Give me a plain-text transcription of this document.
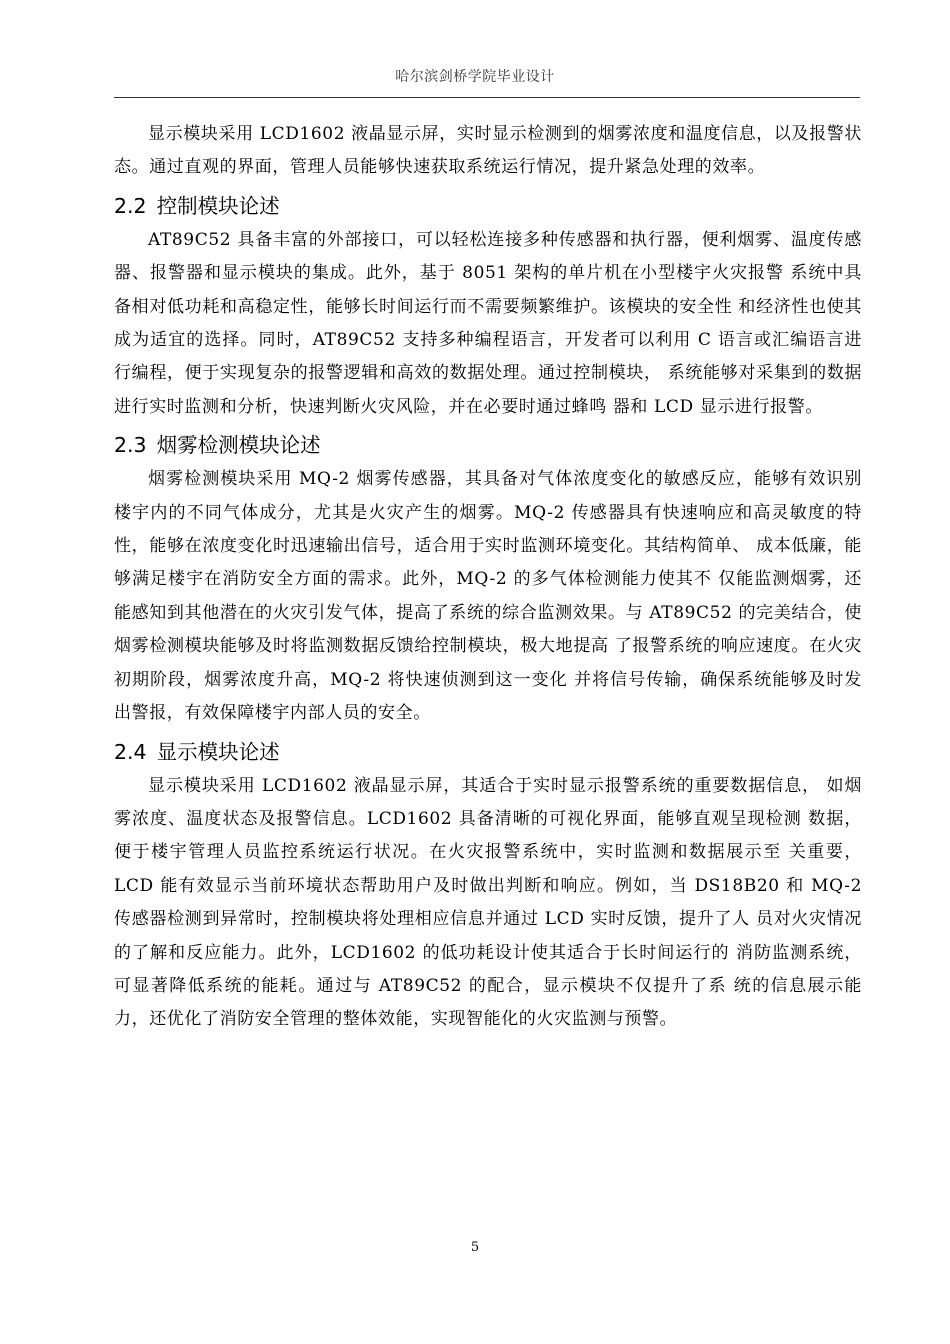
哈尔滨剑桥学院毕业设计

显示模块采用 LCD1602 液晶显示屏，实时显示检测到的烟雾浓度和温度信息，以及报警状态。通过直观的界面，管理人员能够快速获取系统运行情况，提升紧急处理的效率。

2.2 控制模块论述

AT89C52 具备丰富的外部接口，可以轻松连接多种传感器和执行器，便利烟雾、温度传感器、报警器和显示模块的集成。此外，基于 8051 架构的单片机在小型楼宇火灾报警 系统中具备相对低功耗和高稳定性，能够长时间运行而不需要频繁维护。该模块的安全性 和经济性也使其成为适宜的选择。同时，AT89C52 支持多种编程语言，开发者可以利用 C 语言或汇编语言进行编程，便于实现复杂的报警逻辑和高效的数据处理。通过控制模块， 系统能够对采集到的数据进行实时监测和分析，快速判断火灾风险，并在必要时通过蜂鸣 器和 LCD 显示进行报警。

2.3 烟雾检测模块论述

烟雾检测模块采用 MQ-2 烟雾传感器，其具备对气体浓度变化的敏感反应，能够有效识别楼宇内的不同气体成分，尤其是火灾产生的烟雾。MQ-2 传感器具有快速响应和高灵敏度的特性，能够在浓度变化时迅速输出信号，适合用于实时监测环境变化。其结构简单、 成本低廉，能够满足楼宇在消防安全方面的需求。此外，MQ-2 的多气体检测能力使其不 仅能监测烟雾，还能感知到其他潜在的火灾引发气体，提高了系统的综合监测效果。与 AT89C52 的完美结合，使烟雾检测模块能够及时将监测数据反馈给控制模块，极大地提高 了报警系统的响应速度。在火灾初期阶段，烟雾浓度升高，MQ-2 将快速侦测到这一变化 并将信号传输，确保系统能够及时发出警报，有效保障楼宇内部人员的安全。

2.4 显示模块论述

显示模块采用 LCD1602 液晶显示屏，其适合于实时显示报警系统的重要数据信息， 如烟雾浓度、温度状态及报警信息。LCD1602 具备清晰的可视化界面，能够直观呈现检测 数据，便于楼宇管理人员监控系统运行状况。在火灾报警系统中，实时监测和数据展示至 关重要，LCD 能有效显示当前环境状态帮助用户及时做出判断和响应。例如，当 DS18B20 和 MQ-2 传感器检测到异常时，控制模块将处理相应信息并通过 LCD 实时反馈，提升了人 员对火灾情况的了解和反应能力。此外，LCD1602 的低功耗设计使其适合于长时间运行的 消防监测系统，可显著降低系统的能耗。通过与 AT89C52 的配合，显示模块不仅提升了系 统的信息展示能力，还优化了消防安全管理的整体效能，实现智能化的火灾监测与预警。

5
